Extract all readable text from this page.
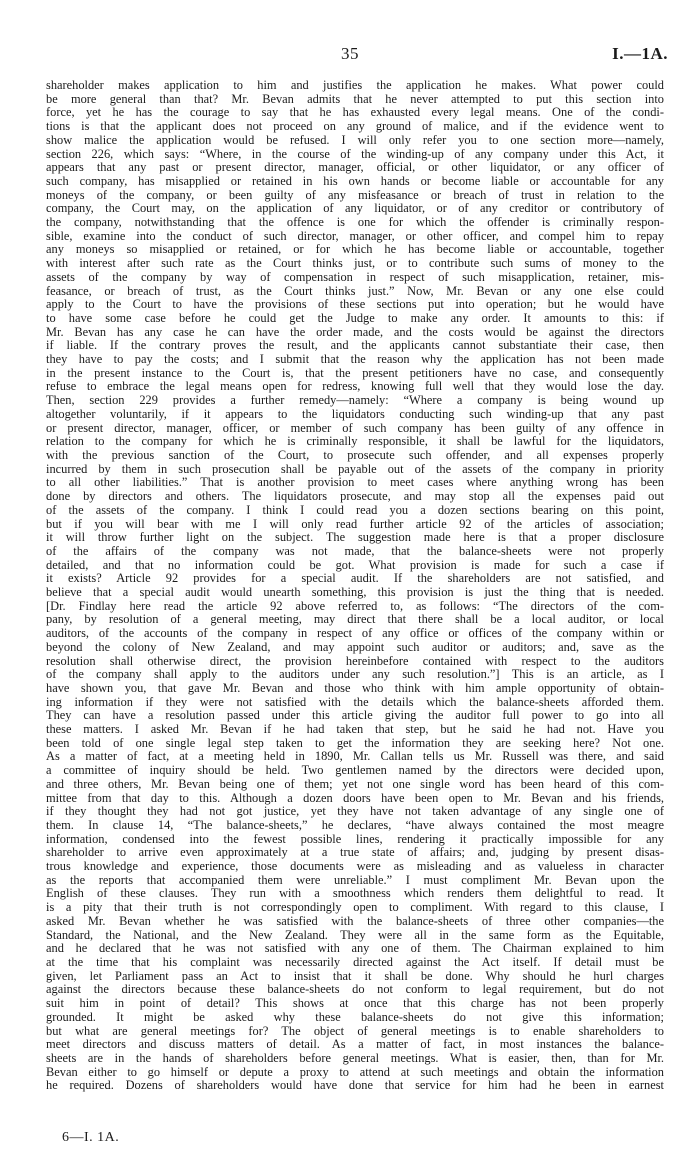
35	I.—1A.

shareholder makes application to him and justifies the application he makes. What power could

be more general than that? Mr. Bevan admits that he never attempted to put this section into

force, yet he has the courage to say that he has exhausted every legal means. One of the condi-

tions is that the applicant does not proceed on any ground of malice, and if the evidence went to

show malice the application would be refused. I will only refer you to one section more—namely,

section 226, which says: “Where, in the course of the winding-up of any company under this Act, it

appears that any past or present director, manager, official, or other liquidator, or any officer of

such company, has misapplied or retained in his own hands or become liable or accountable for any

moneys of the company, or been guilty of any misfeasance or breach of trust in relation to the

company, the Court may, on the application of any liquidator, or of any creditor or contributory of

the company, notwithstanding that the offence is one for which the offender is criminally respon-

sible, examine into the conduct of such director, manager, or other officer, and compel him to repay

any moneys so misapplied or retained, or for which he has become liable or accountable, together

with interest after such rate as the Court thinks just, or to contribute such sums of money to the

assets of the company by way of compensation in respect of such misapplication, retainer, mis-

feasance, or breach of trust, as the Court thinks just.” Now, Mr. Bevan or any one else could

apply to the Court to have the provisions of these sections put into operation; but he would have

to have some case before he could get the Judge to make any order. It amounts to this: if

Mr. Bevan has any case he can have the order made, and the costs would be against the directors

if liable. If the contrary proves the result, and the applicants cannot substantiate their case, then

they have to pay the costs; and I submit that the reason why the application has not been made

in the present instance to the Court is, that the present petitioners have no case, and consequently

refuse to embrace the legal means open for redress, knowing full well that they would lose the day.

Then, section 229 provides a further remedy—namely: “Where a company is being wound up

altogether voluntarily, if it appears to the liquidators conducting such winding-up that any past

or present director, manager, officer, or member of such company has been guilty of any offence in

relation to the company for which he is criminally responsible, it shall be lawful for the liquidators,

with the previous sanction of the Court, to prosecute such offender, and all expenses properly

incurred by them in such prosecution shall be payable out of the assets of the company in priority

to all other liabilities.” That is another provision to meet cases where anything wrong has been

done by directors and others. The liquidators prosecute, and may stop all the expenses paid out

of the assets of the company. I think I could read you a dozen sections bearing on this point,

but if you will bear with me I will only read further article 92 of the articles of association;

it will throw further light on the subject. The suggestion made here is that a proper disclosure

of the affairs of the company was not made, that the balance-sheets were not properly

detailed, and that no information could be got. What provision is made for such a case if

it exists? Article 92 provides for a special audit. If the shareholders are not satisfied, and

believe that a special audit would unearth something, this provision is just the thing that is needed.

[Dr. Findlay here read the article 92 above referred to, as follows: “The directors of the com-

pany, by resolution of a general meeting, may direct that there shall be a local auditor, or local

auditors, of the accounts of the company in respect of any office or offices of the company within or

beyond the colony of New Zealand, and may appoint such auditor or auditors; and, save as the

resolution shall otherwise direct, the provision hereinbefore contained with respect to the auditors

of the company shall apply to the auditors under any such resolution.”] This is an article, as I

have shown you, that gave Mr. Bevan and those who think with him ample opportunity of obtain-

ing information if they were not satisfied with the details which the balance-sheets afforded them.

They can have a resolution passed under this article giving the auditor full power to go into all

these matters. I asked Mr. Bevan if he had taken that step, but he said he had not. Have you

been told of one single legal step taken to get the information they are seeking here? Not one.

As a matter of fact, at a meeting held in 1890, Mr. Callan tells us Mr. Russell was there, and said

a committee of inquiry should be held. Two gentlemen named by the directors were decided upon,

and three others, Mr. Bevan being one of them; yet not one single word has been heard of this com-

mittee from that day to this. Although a dozen doors have been open to Mr. Bevan and his friends,

if they thought they had not got justice, yet they have not taken advantage of any single one of

them. In clause 14, “The balance-sheets,” he declares, “have always contained the most meagre

information, condensed into the fewest possible lines, rendering it practically impossible for any

shareholder to arrive even approximately at a true state of affairs; and, judging by present disas-

trous knowledge and experience, those documents were as misleading and as valueless in character

as the reports that accompanied them were unreliable.” I must compliment Mr. Bevan upon the

English of these clauses. They run with a smoothness which renders them delightful to read. It

is a pity that their truth is not correspondingly open to compliment. With regard to this clause, I

asked Mr. Bevan whether he was satisfied with the balance-sheets of three other companies—the

Standard, the National, and the New Zealand. They were all in the same form as the Equitable,

and he declared that he was not satisfied with any one of them. The Chairman explained to him

at the time that his complaint was necessarily directed against the Act itself. If detail must be

given, let Parliament pass an Act to insist that it shall be done. Why should he hurl charges

against the directors because these balance-sheets do not conform to legal requirement, but do not

suit him in point of detail? This shows at once that this charge has not been properly

grounded. It might be asked why these balance-sheets do not give this information;

but what are general meetings for? The object of general meetings is to enable shareholders to

meet directors and discuss matters of detail. As a matter of fact, in most instances the balance-

sheets are in the hands of shareholders before general meetings. What is easier, then, than for Mr.

Bevan either to go himself or depute a proxy to attend at such meetings and obtain the information

he required. Dozens of shareholders would have done that service for him had he been in earnest

6—I. 1A.
